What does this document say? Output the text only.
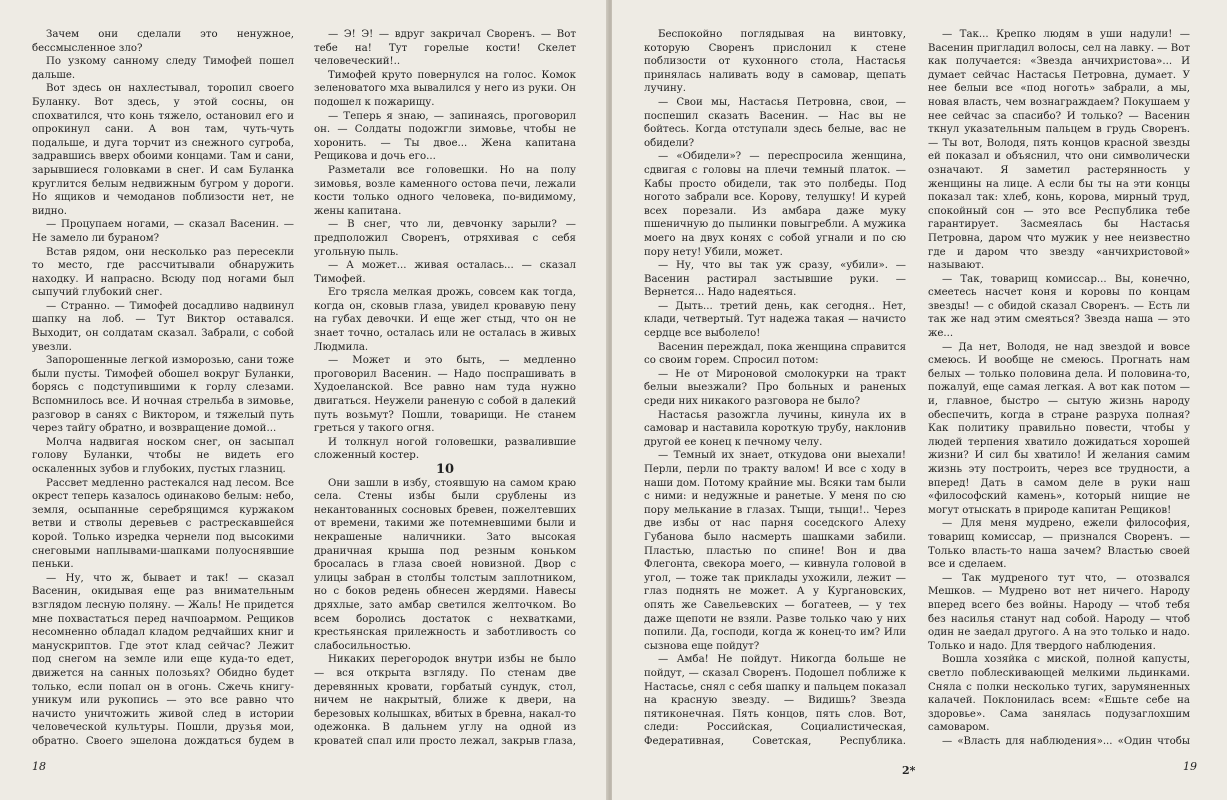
Зачем они сделали это ненужное, бессмысленное зло?

По узкому санному следу Тимофей пошел дальше.

Вот здесь он нахлестывал, торопил своего Буланку. Вот здесь, у этой сосны, он спохватился, что конь тяжело, остановил его и опрокинул сани. А вон там, чуть-чуть подальше, и дуга торчит из снежного сугроба, задравшись вверх обоими концами. Там и сани, зарывшиеся головками в снег. И сам Буланка круглится белым недвижным бугром у дороги. Но ящиков и чемоданов поблизости нет, не видно.

— Процупаем ногами, — сказал Васенин. — Не замело ли бураном?

Встав рядом, они несколько раз пересекли то место, где рассчитывали обнаружить находку. И напрасно. Всюду под ногами был сыпучий глубокий снег.

— Странно. — Тимофей досадливо надвинул шапку на лоб. — Тут Виктор оставался. Выходит, он солдатам сказал. Забрали, с собой увезли.

Запорошенные легкой изморозью, сани тоже были пусты. Тимофей обошел вокруг Буланки, борясь с подступившими к горлу слезами. Вспомнилось все. И ночная стрельба в зимовье, разговор в санях с Виктором, и тяжелый путь через тайгу обратно, и возвращение домой...

Молча надвигая носком снег, он засыпал голову Буланки, чтобы не видеть его оскаленных зубов и глубоких, пустых глазниц.

Рассвет медленно растекался над лесом. Все окрест теперь казалось одинаково белым: небо, земля, осыпанные серебрящимся куржаком ветви и стволы деревьев с растрескавшейся корой. Только изредка чернели под высокими снеговыми наплывами-шапками полуоснявшие пеньки.

— Ну, что ж, бывает и так! — сказал Васенин, окидывая еще раз внимательным взглядом лесную поляну. — Жаль! Не придется мне похвастаться перед начпоармом. Рещиков несомненно обладал кладом редчайших книг и манускриптов. Где этот клад сейчас? Лежит под снегом на земле или еще куда-то едет, движется на санных полозьях? Обидно будет только, если попал он в огонь. Сжечь книгу-уникум или рукопись — это все равно что начисто уничтожить живой след в истории человеческой культуры. Пошли, друзья мои, обратно. Своего эшелона дождаться будем в

— Э! Э! — вдруг закричал Своренъ. — Вот тебе на! Тут горелые кости! Скелет человеческий!..

Тимофей круто повернулся на голос. Комок зеленоватого мха вывалился у него из руки. Он подошел к пожарищу.

— Теперь я знаю, — запинаясь, проговорил он. — Солдаты подожгли зимовье, чтобы не хоронить. — Ты двое... Жена капитана Рещикова и дочь его...

Разметали все головешки. Но на полу зимовья, возле каменного остова печи, лежали кости только одного человека, по-видимому, жены капитана.

— В снег, что ли, девчонку зарыли? — предположил Своренъ, отряхивая с себя угольную пыль.

— А может... живая осталась... — сказал Тимофей.

Его трясла мелкая дрожь, совсем как тогда, когда он, сковыв глаза, увидел кровавую пену на губах девочки. И еще жег стыд, что он не знает точно, осталась или не осталась в живых Людмила.

— Может и это быть, — медленно проговорил Васенин. — Надо поспрашивать в Худоеланской. Все равно нам туда нужно двигаться. Неужели раненую с собой в далекий путь возьмут? Пошли, товарищи. Не станем греться у такого огня.

И толкнул ногой головешки, развалившие сложенный костер.

10

Они зашли в избу, стоявшую на самом краю села. Стены избы были срублены из некантованных сосновых бревен, пожелтевших от времени, такими же потемневшими были и некрашеные наличники. Зато высокая драничная крыша под резным коньком бросалась в глаза своей новизной. Двор с улицы забран в столбы толстым заплотником, но с боков редень обнесен жердями. Навесы дряхлые, зато амбар светился желточком. Во всем боролись достаток с нехватками, крестьянская прилежность и заботливость со слабосильностью.

Никаких перегородок внутри избы не было — вся открыта взгляду. По стенам две деревянных кровати, горбатый сундук, стол, ничем не накрытый, ближе к двери, на березовых колышках, вбитых в бревна, накал-то одежонка. В дальнем углу на одной из кроватей спал или просто лежал, закрыв глаза,

18

Беспокойно поглядывая на винтовку, которую Своренъ прислонил к стене поблизости от кухонного стола, Настасья принялась наливать воду в самовар, щепать лучину.

— Свои мы, Настасья Петровна, свои, — поспешил сказать Васенин. — Нас вы не бойтесь. Когда отступали здесь белые, вас не обидели?

— «Обидели»? — переспросила женщина, сдвигая с головы на плечи темный платок. — Кабы просто обидели, так это полбеды. Под ногото забрали все. Корову, телушку! И курей всех порезали. Из амбара даже муку пшеничную до пылинки повыгребли. А мужика моего на двух конях с собой угнали и по сю пору нету! Убили, может.

— Ну, что вы так уж сразу, «убили». — Васенин растирал застывшие руки. — Вернется... Надо надеяться.

— Дыть... третий день, как сегодня.. Нет, клади, четвертый. Тут надежа такая — начисто сердце все выболело!

Васенин переждал, пока женщина справится со своим горем. Спросил потом:

— Не от Мироновой смолокурки на тракт белыи выезжали? Про больных и раненых среди них никакого разговора не было?

Настасья разожгла лучины, кинула их в самовар и наставила короткую трубу, наклонив другой ее конец к печному челу.

— Темный их знает, откудова они выехали! Перли, перли по тракту валом! И все с ходу в наши дом. Потому крайние мы. Всяки там были с ними: и недужные и ранетые. У меня по сю пору мелькание в глазах. Тыщи, тыщи!.. Через две избы от нас парня соседского Алеху Губанова было насмерть шашками забили. Пластью, пластью по спине! Вон и два Флегонта, свекора моего, — кивнула головой в угол, — тоже так приклады ухожили, лежит — глаз поднять не может. А у Кургановских, опять же Савельевских — богатеев, — у тех даже щепоти не взяли. Разве только чаю у них попили. Да, господи, когда ж конец-то им? Или сызнова еще пойдут?

— Амба! Не пойдут. Никогда больше не пойдут, — сказал Своренъ. Подошел поближе к Настасье, снял с себя шапку и пальцем показал на красную звезду. — Видишь? Звезда пятиконечная. Пять концов, пять слов. Вот, следи: Российская, Социалистическая, Федеративная, Советская, Республика.

— Так... Крепко людям в уши надули! — Васенин пригладил волосы, сел на лавку. — Вот как получается: «Звезда анчихристова»... И думает сейчас Настасья Петровна, думает. У нее белыи все «под ноготь» забрали, а мы, новая власть, чем вознаграждаем? Покушаем у нее сейчас за спасибо? И только? — Васенин ткнул указательным пальцем в грудь Своренъ. — Ты вот, Володя, пять концов красной звезды ей показал и объяснил, что они символически означают. Я заметил растерянность у женщины на лице. А если бы ты на эти концы показал так: хлеб, конь, корова, мирный труд, спокойный сон — это все Республика тебе гарантирует. Засмеялась бы Настасья Петровна, даром что мужик у нее неизвестно где и даром что звезду «анчихристовой» называют.

— Так, товарищ комиссар... Вы, конечно, смеетесь насчет коня и коровы по концам звезды! — с обидой сказал Своренъ. — Есть ли так же над этим смеяться? Звезда наша — это же...

— Да нет, Володя, не над звездой и вовсе смеюсь. И вообще не смеюсь. Прогнать нам белых — только половина дела. И половина-то, пожалуй, еще самая легкая. А вот как потом — и, главное, быстро — сытую жизнь народу обеспечить, когда в стране разруха полная? Как политику правильно повести, чтобы у людей терпения хватило дожидаться хорошей жизни? И сил бы хватило! И желания самим жизнь эту построить, через все трудности, а вперед! Дать в самом деле в руки наш «философский камень», который нищие не могут отыскать в природе капитан Рещиков!

— Для меня мудрено, ежели философия, товарищ комиссар, — признался Своренъ. — Только власть-то наша зачем? Властью своей все и сделаем.

— Так мудреного тут что, — отозвался Мешков. — Мудрено вот нет ничего. Народу вперед всего без войны. Народу — чтоб тебя без насилья станут над собой. Народу — чтоб один не заедал другого. А на это только и надо. Только и надо. Для твердого наблюдения.

Вошла хозяйка с миской, полной капусты, светло поблескивающей мелкими льдинками. Сняла с полки несколько тугих, зарумяненных калачей. Поклонилась всем: «Ешьте себе на здоровье». Сама занялась подузаглохшим самоваром.

— «Власть для наблюдения»... «Один чтобы

2*	19
